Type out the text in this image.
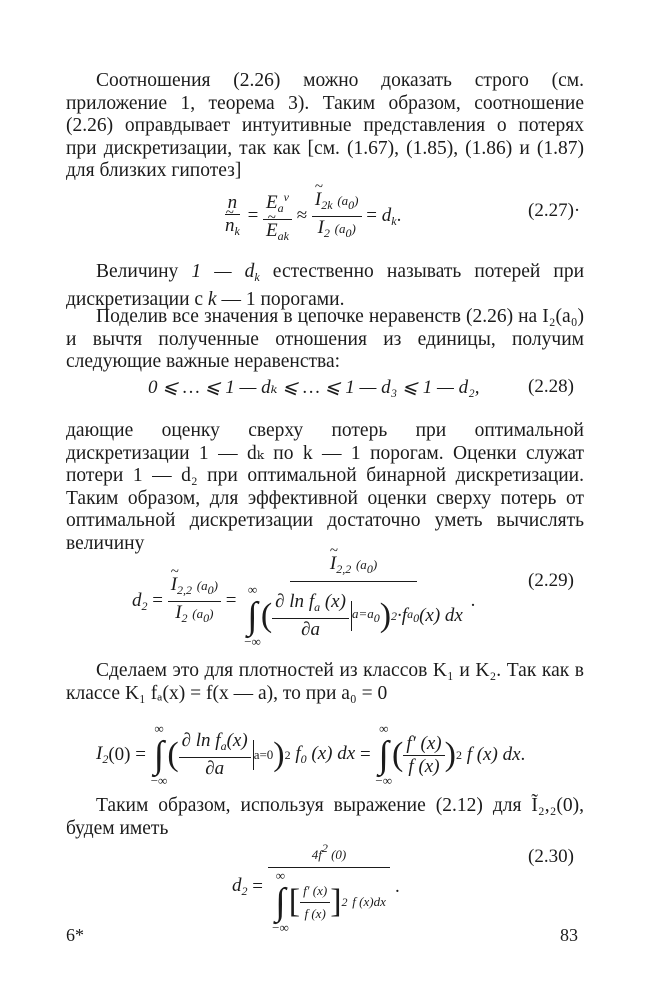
Соотношения (2.26) можно доказать строго (см. приложение 1, теорема 3). Таким образом, соотношение (2.26) оправдывает интуитивные представления о потерях при дискретизации, так как [см. (1.67), (1.85), (1.86) и (1.87) для близких гипотез]
n
~ $n_k = E_a^v$
~ $E_{ak}$ ≈ ~ $\frac{I_{2k} (a0)}{I_2 (a0)} = d_k$.	(2.27)·
Величину 1 — $d_k$ естественно называть потерей при дискретизации с k — 1 порогами.
Поделив все значения в цепочке неравенств (2.26) на I₂(a₀) и вычтя полученные отношения из единицы, получим следующие важные неравенства:
0 ⩽ … ⩽ 1 — dₖ ⩽ … ⩽ 1 — d₃ ⩽ 1 — d₂,	(2.28)
дающие оценку сверху потерь при оптимальной дискретизации 1 — dₖ по k — 1 порогам. Оценки служат потери 1 — d₂ при оптимальной бинарной дискретизации. Таким образом, для эффективной оценки сверху потерь от оптимальной дискретизации достаточно уметь вычислять величину
$d_2$ = ~ $\frac{I_{2,2} (a0)}{I_2 (a0)}$ =
~ $I_{2,2}$ (a0)
∞
∫
−∞
( $\frac{\partial \ln f_a (x)}{\partial a} a=a0$ ) 2 ·f a0 (x) dx
.
(2.29)
Сделаем это для плотностей из классов K₁ и K₂. Так как в классе K₁ fₐ(x) = f(x — a), то при a₀ = 0
$I_2$ (0) =
∞
∫
−∞
( $\frac{\partial \ln f_a(x)}{\partial a} a=0$ ) 2
$f_0$ (x) dx =
∞
∫
−∞
( $\frac{f' (x)}{f (x)}$ ) 2
f (x) dx .
Таким образом, используя выражение (2.12) для Ĩ₂,₂(0), будем иметь
$d_2 = 4f2$ (0)
∞
∫
−∞
[ $\frac{f' (x)}{f (x)}$ ] 2
f (x)dx .
(2.30)
6*	83
